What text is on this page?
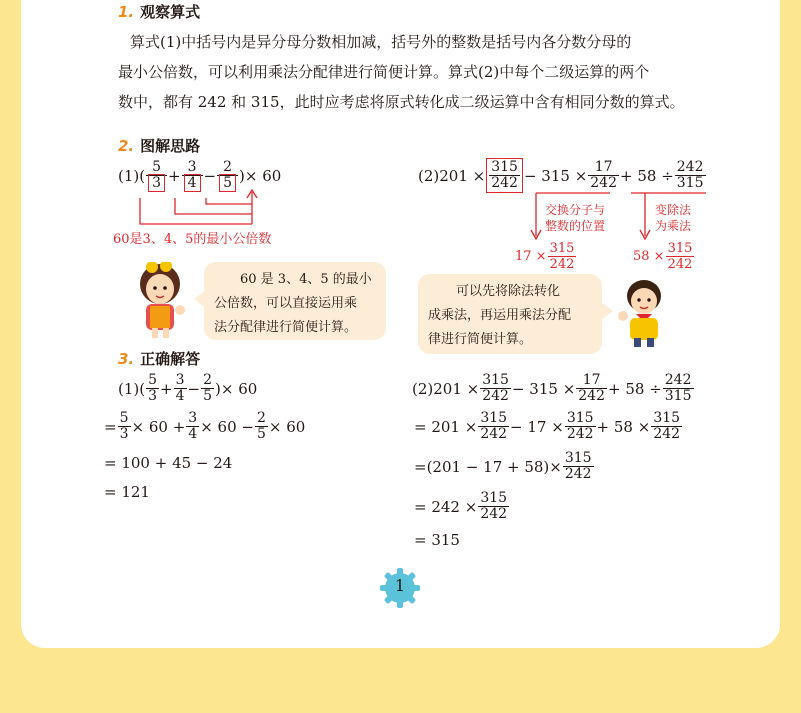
1. 观察算式
算式(1)中括号内是异分母分数相加减，括号外的整数是括号内各分数分母的
最小公倍数，可以利用乘法分配律进行简便计算。算式(2)中每个二级运算的两个
数中，都有 242 和 315，此时应考虑将原式转化成二级运算中含有相同分数的算式。
2. 图解思路
$(1)( \frac{5}{3} + \frac{3}{4} - \frac{2}{5}$ )× 60
60是3、4、5的最小公倍数
60 是 3、4、5 的最小
公倍数，可以直接运用乘
法分配律进行简便计算。
$(2)201 \times \frac{315}{242} - 315 \times \frac{17}{242} + 58 \div \frac{242}{315}$
交换分子与
整数的位置
变除法
为乘法
$17 \times \frac{315}{242}$	$58 \times \frac{315}{242}$
可以先将除法转化
成乘法，再运用乘法分配
律进行简便计算。
3. 正确解答
$(1)( \frac{5}{3} + \frac{3}{4} - \frac{2}{5}$ )× 60
= $\frac{5}{3} \times 60 + \frac{3}{4} \times 60 - \frac{2}{5} \times 60$
= 100 + 45 − 24
= 121
$(2)201 \times \frac{315}{242} - 315 \times \frac{17}{242} + 58 \div \frac{242}{315}$
= $201 \times \frac{315}{242} - 17 \times \frac{315}{242} + 58 \times \frac{315}{242}$
$=(201 - 17 + 58)\times \frac{315}{242}$
= $242 \times \frac{315}{242}$
= 315
1
